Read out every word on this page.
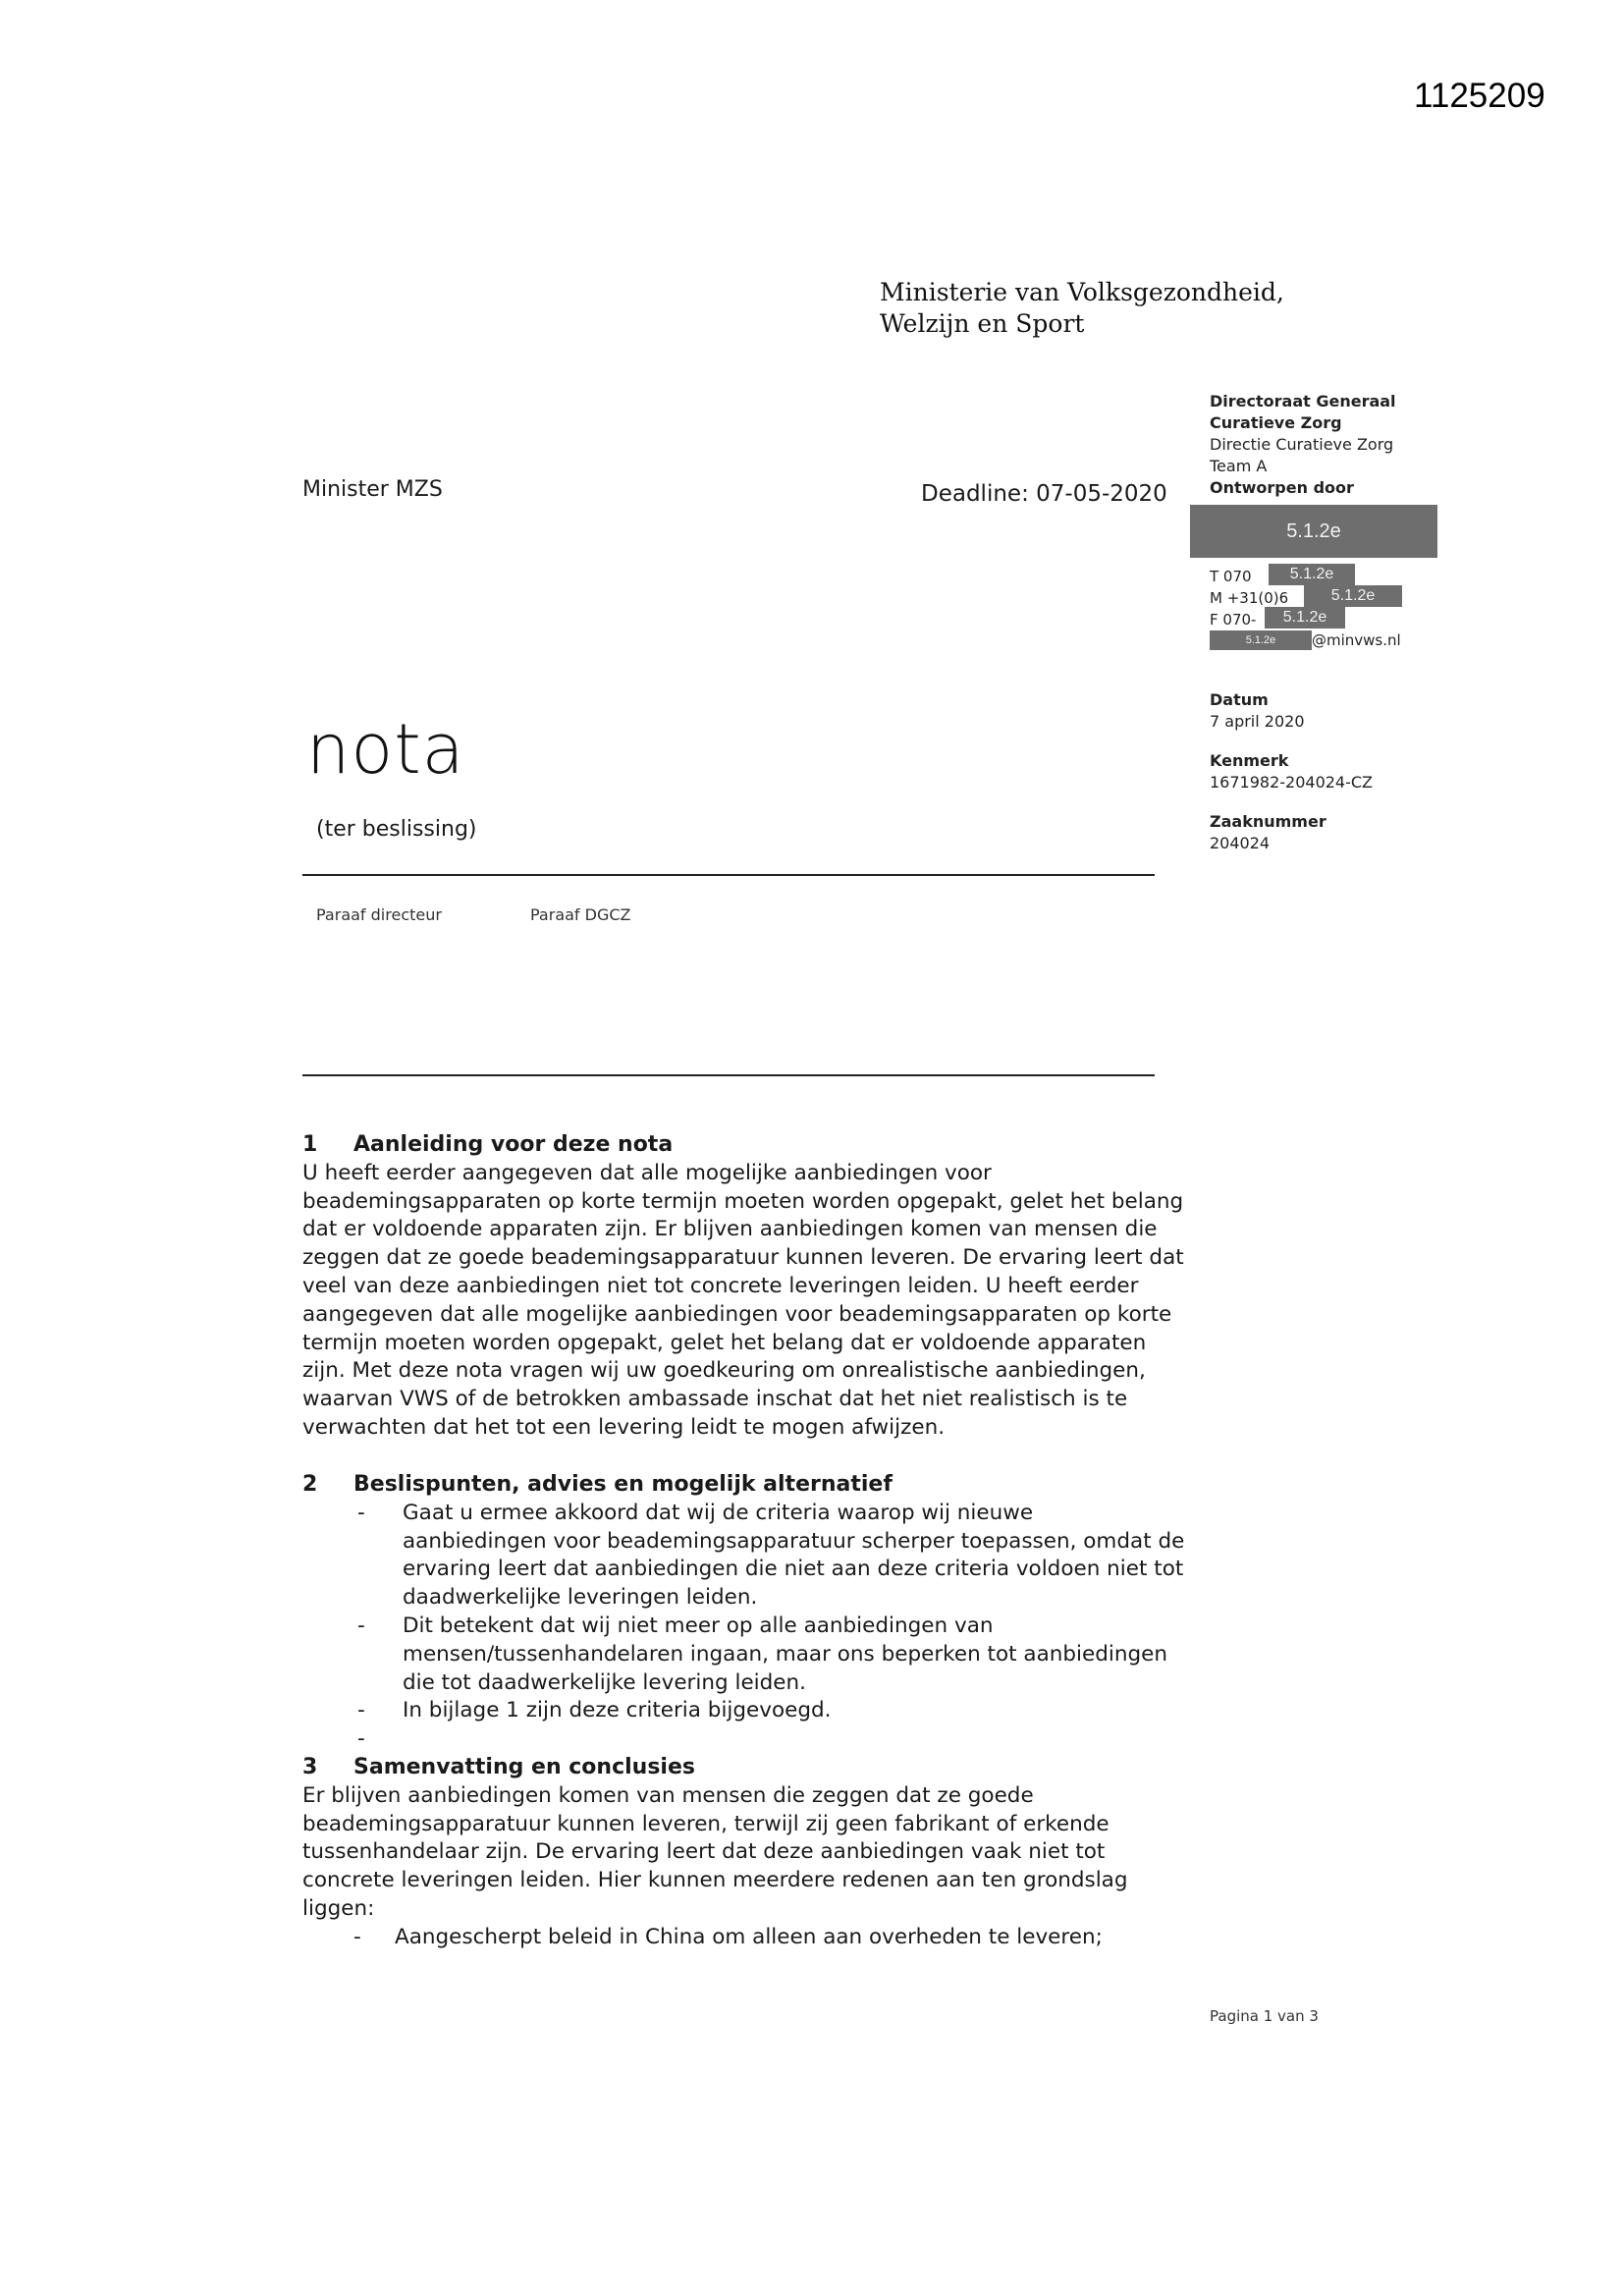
1125209
Ministerie van Volksgezondheid,
Welzijn en Sport
Minister MZS	Deadline: 07-05-2020
Directoraat Generaal
Curatieve Zorg
Directie Curatieve Zorg
Team A
Ontworpen door
5.1.2e
T 070
M +31(0)6
F 070-
5.1.2e
5.1.2e
5.1.2e
5.1.2e	@minvws.nl
Datum
7 april 2020
Kenmerk
1671982-204024-CZ
Zaaknummer
204024
nota
(ter beslissing)
Paraaf directeur	Paraaf DGCZ
1	Aanleiding voor deze nota

U heeft eerder aangegeven dat alle mogelijke aanbiedingen voor

beademingsapparaten op korte termijn moeten worden opgepakt, gelet het belang

dat er voldoende apparaten zijn. Er blijven aanbiedingen komen van mensen die

zeggen dat ze goede beademingsapparatuur kunnen leveren. De ervaring leert dat

veel van deze aanbiedingen niet tot concrete leveringen leiden. U heeft eerder

aangegeven dat alle mogelijke aanbiedingen voor beademingsapparaten op korte

termijn moeten worden opgepakt, gelet het belang dat er voldoende apparaten

zijn. Met deze nota vragen wij uw goedkeuring om onrealistische aanbiedingen,

waarvan VWS of de betrokken ambassade inschat dat het niet realistisch is te

verwachten dat het tot een levering leidt te mogen afwijzen.

2	Beslispunten, advies en mogelijk alternatief
-	Gaat u ermee akkoord dat wij de criteria waarop wij nieuwe

aanbiedingen voor beademingsapparatuur scherper toepassen, omdat de

ervaring leert dat aanbiedingen die niet aan deze criteria voldoen niet tot

daadwerkelijke leveringen leiden.

-	Dit betekent dat wij niet meer op alle aanbiedingen van

mensen/tussenhandelaren ingaan, maar ons beperken tot aanbiedingen

die tot daadwerkelijke levering leiden.

-	In bijlage 1 zijn deze criteria bijgevoegd.

-
3	Samenvatting en conclusies

Er blijven aanbiedingen komen van mensen die zeggen dat ze goede

beademingsapparatuur kunnen leveren, terwijl zij geen fabrikant of erkende

tussenhandelaar zijn. De ervaring leert dat deze aanbiedingen vaak niet tot

concrete leveringen leiden. Hier kunnen meerdere redenen aan ten grondslag

liggen:

-	Aangescherpt beleid in China om alleen aan overheden te leveren;

Pagina 1 van 3
